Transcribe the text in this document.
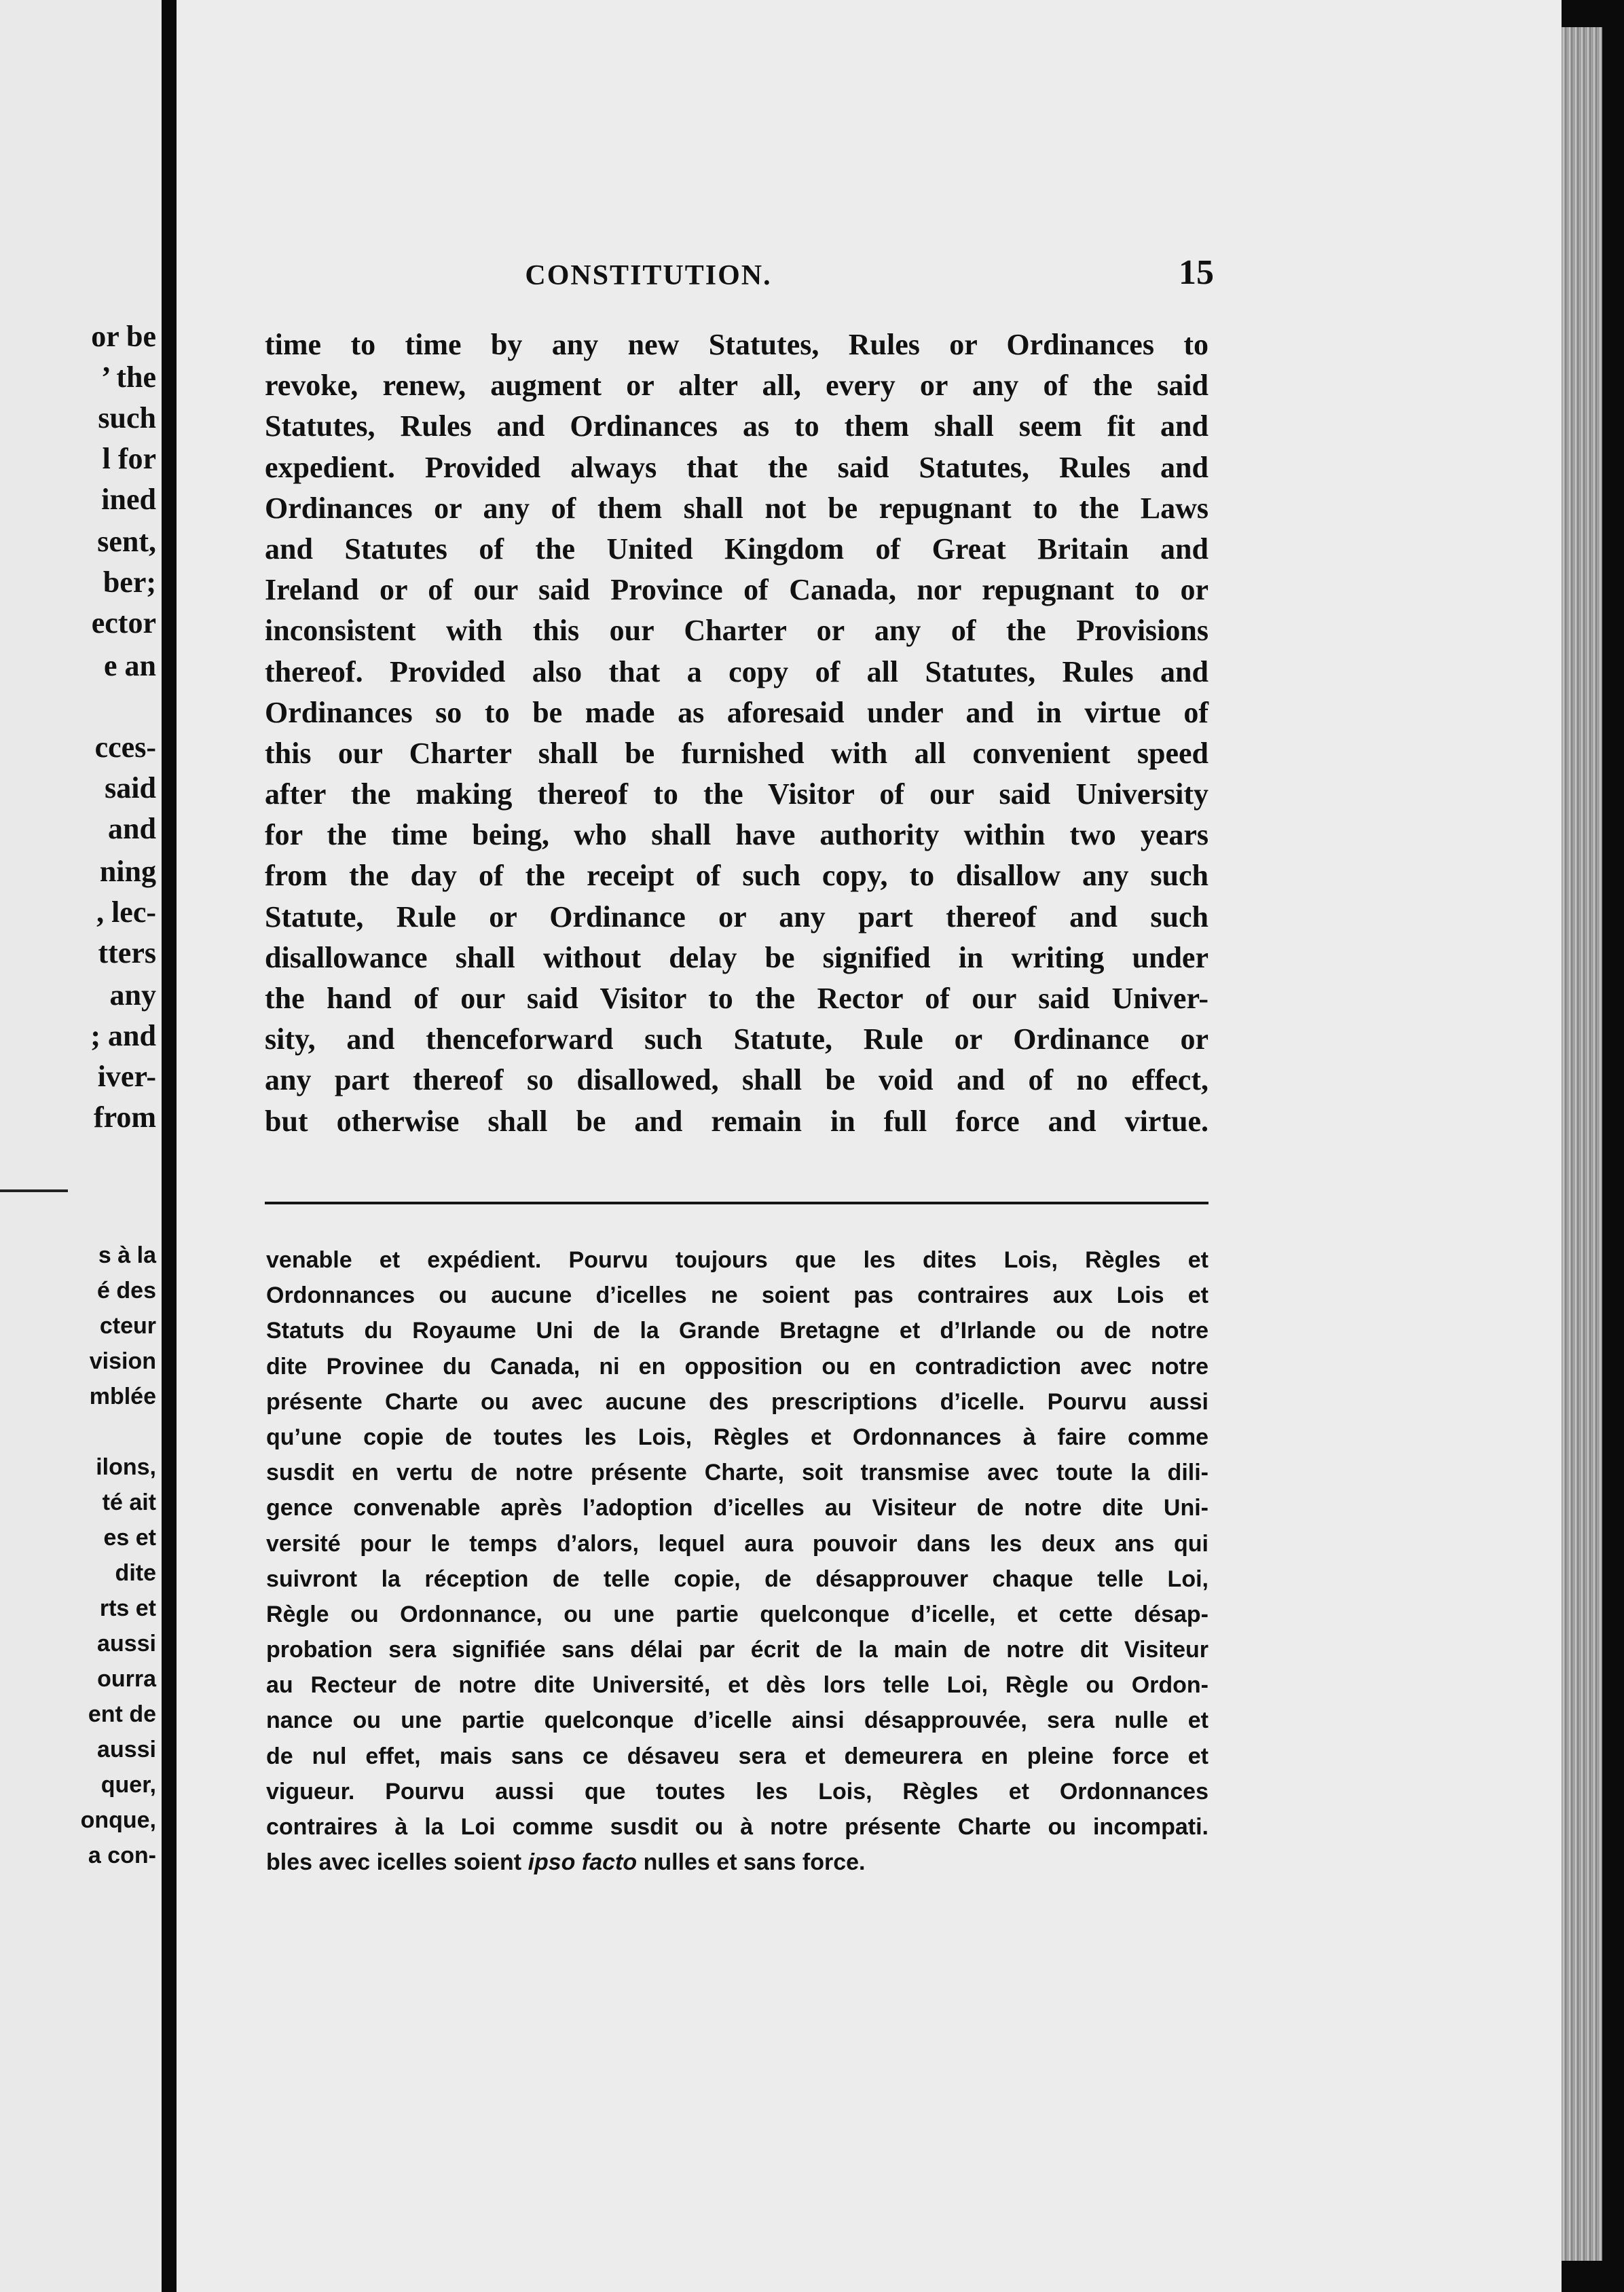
or be
’ the
such
l for
ined
sent,
ber;
ector
e an
cces-
said
and
ning
, lec-
tters
any
; and
iver-
from
s à la
é des
cteur
vision
mblée
ilons,
té ait
es et
dite
rts et
aussi
ourra
ent de
aussi
quer,
onque,
a con-
CONSTITUTION.	15
time to time by any new Statutes, Rules or Ordinances to
revoke, renew, augment or alter all, every or any of the said
Statutes, Rules and Ordinances as to them shall seem fit and
expedient. Provided always that the said Statutes, Rules and
Ordinances or any of them shall not be repugnant to the Laws
and Statutes of the United Kingdom of Great Britain and
Ireland or of our said Province of Canada, nor repugnant to or
inconsistent with this our Charter or any of the Provisions
thereof. Provided also that a copy of all Statutes, Rules and
Ordinances so to be made as aforesaid under and in virtue of
this our Charter shall be furnished with all convenient speed
after the making thereof to the Visitor of our said University
for the time being, who shall have authority within two years
from the day of the receipt of such copy, to disallow any such
Statute, Rule or Ordinance or any part thereof and such
disallowance shall without delay be signified in writing under
the hand of our said Visitor to the Rector of our said Univer-
sity, and thenceforward such Statute, Rule or Ordinance or
any part thereof so disallowed, shall be void and of no effect,
but otherwise shall be and remain in full force and virtue.
venable et expédient. Pourvu toujours que les dites Lois, Règles et
Ordonnances ou aucune d’icelles ne soient pas contraires aux Lois et
Statuts du Royaume Uni de la Grande Bretagne et d’Irlande ou de notre
dite Provinee du Canada, ni en opposition ou en contradiction avec notre
présente Charte ou avec aucune des prescriptions d’icelle. Pourvu aussi
qu’une copie de toutes les Lois, Règles et Ordonnances à faire comme
susdit en vertu de notre présente Charte, soit transmise avec toute la dili-
gence convenable après l’adoption d’icelles au Visiteur de notre dite Uni-
versité pour le temps d’alors, lequel aura pouvoir dans les deux ans qui
suivront la réception de telle copie, de désapprouver chaque telle Loi,
Règle ou Ordonnance, ou une partie quelconque d’icelle, et cette désap-
probation sera signifiée sans délai par écrit de la main de notre dit Visiteur
au Recteur de notre dite Université, et dès lors telle Loi, Règle ou Ordon-
nance ou une partie quelconque d’icelle ainsi désapprouvée, sera nulle et
de nul effet, mais sans ce désaveu sera et demeurera en pleine force et
vigueur. Pourvu aussi que toutes les Lois, Règles et Ordonnances
contraires à la Loi comme susdit ou à notre présente Charte ou incompati.
bles avec icelles soient ipso facto nulles et sans force.
